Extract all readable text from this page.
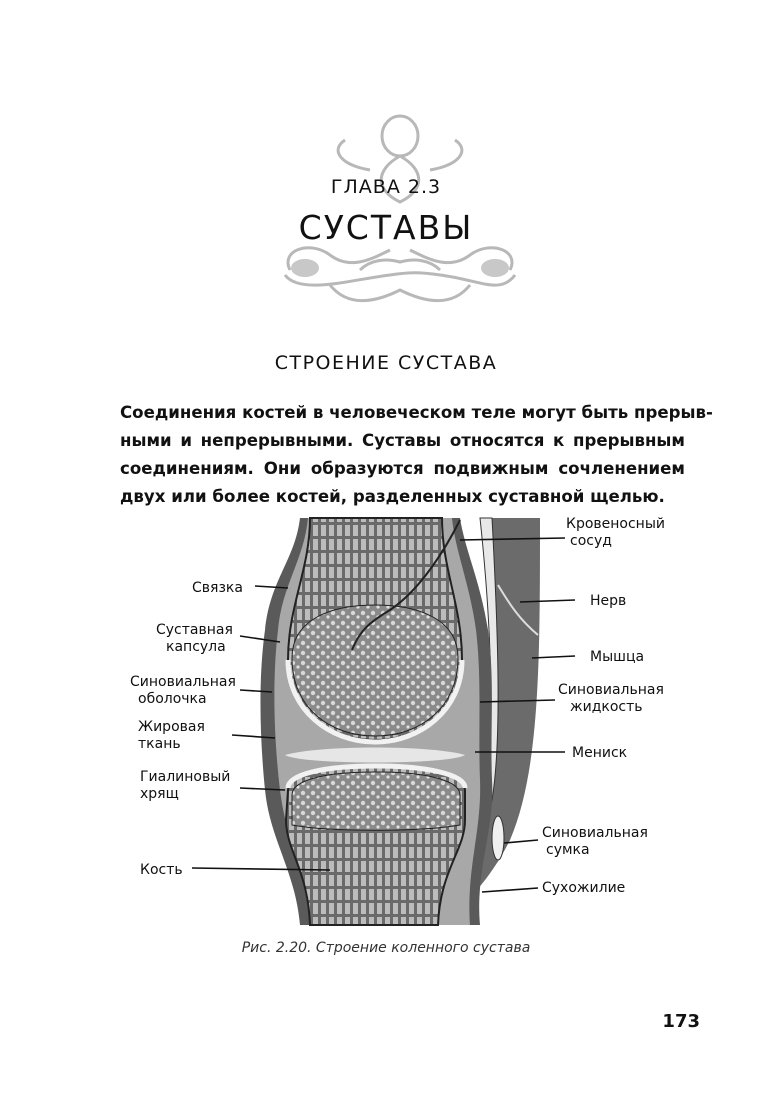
ГЛАВА 2.3
СУСТАВЫ
СТРОЕНИЕ СУСТАВА
Соединения костей в человеческом теле могут быть прерыв-
ными и непрерывными. Суставы относятся к прерывным
соединениям. Они образуются подвижным сочленением
двух или более костей, разделенных суставной щелью.
Связка
Суставная
капсула
Синовиальная
оболочка
Жировая
ткань
Гиалиновый
хрящ
Кость
Кровеносный
сосуд
Нерв
Мышца
Синовиальная
жидкость
Мениск
Синовиальная
сумка
Сухожилие
Рис. 2.20. Строение коленного сустава
173
